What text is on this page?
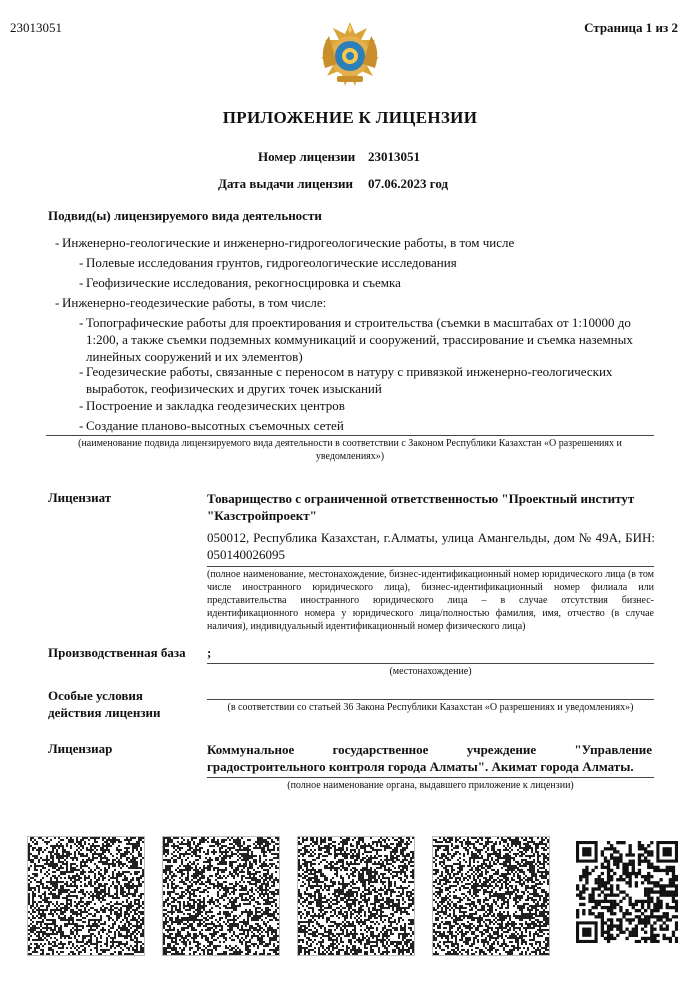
23013051	Страница 1 из 2
ПРИЛОЖЕНИЕ К ЛИЦЕНЗИИ
Номер лицензии 23013051
Дата выдачи лицензии 07.06.2023 год
Подвид(ы) лицензируемого вида деятельности
- Инженерно-геологические и инженерно-гидрогеологические работы, в том числе
- Полевые исследования грунтов, гидрогеологические исследования
- Геофизические исследования, рекогносцировка и съемка
- Инженерно-геодезические работы, в том числе:
- Топографические работы для проектирования и строительства (съемки в масштабах от 1:10000 до 1:200, а также съемки подземных коммуникаций и сооружений, трассирование и съемка наземных линейных сооружений и их элементов)
- Геодезические работы, связанные с переносом в натуру с привязкой инженерно-геологических выработок, геофизических и других точек изысканий
- Построение и закладка геодезических центров
- Создание планово-высотных съемочных сетей
(наименование подвида лицензируемого вида деятельности в соответствии с Законом Республики Казахстан «О разрешениях и уведомлениях»)
Лицензиат	Товарищество с ограниченной ответственностью "Проектный институт "Казстройпроект"
050012, Республика Казахстан, г.Алматы, улица Амангельды, дом № 49А, БИН: 050140026095
(полное наименование, местонахождение, бизнес-идентификационный номер юридического лица (в том числе иностранного юридического лица), бизнес-идентификационный номер филиала или представительства иностранного юридического лица – в случае отсутствия бизнес-идентификационного номера у юридического лица/полностью фамилия, имя, отчество (в случае наличия), индивидуальный идентификационный номер физического лица)
Производственная база ;
(местонахождение)
Особые условия действия лицензии	(в соответствии со статьей 36 Закона Республики Казахстан «О разрешениях и уведомлениях»)
Лицензиар	Коммунальное государственное учреждение "Управление градостроительного контроля города Алматы". Акимат города Алматы.
(полное наименование органа, выдавшего приложение к лицензии)
